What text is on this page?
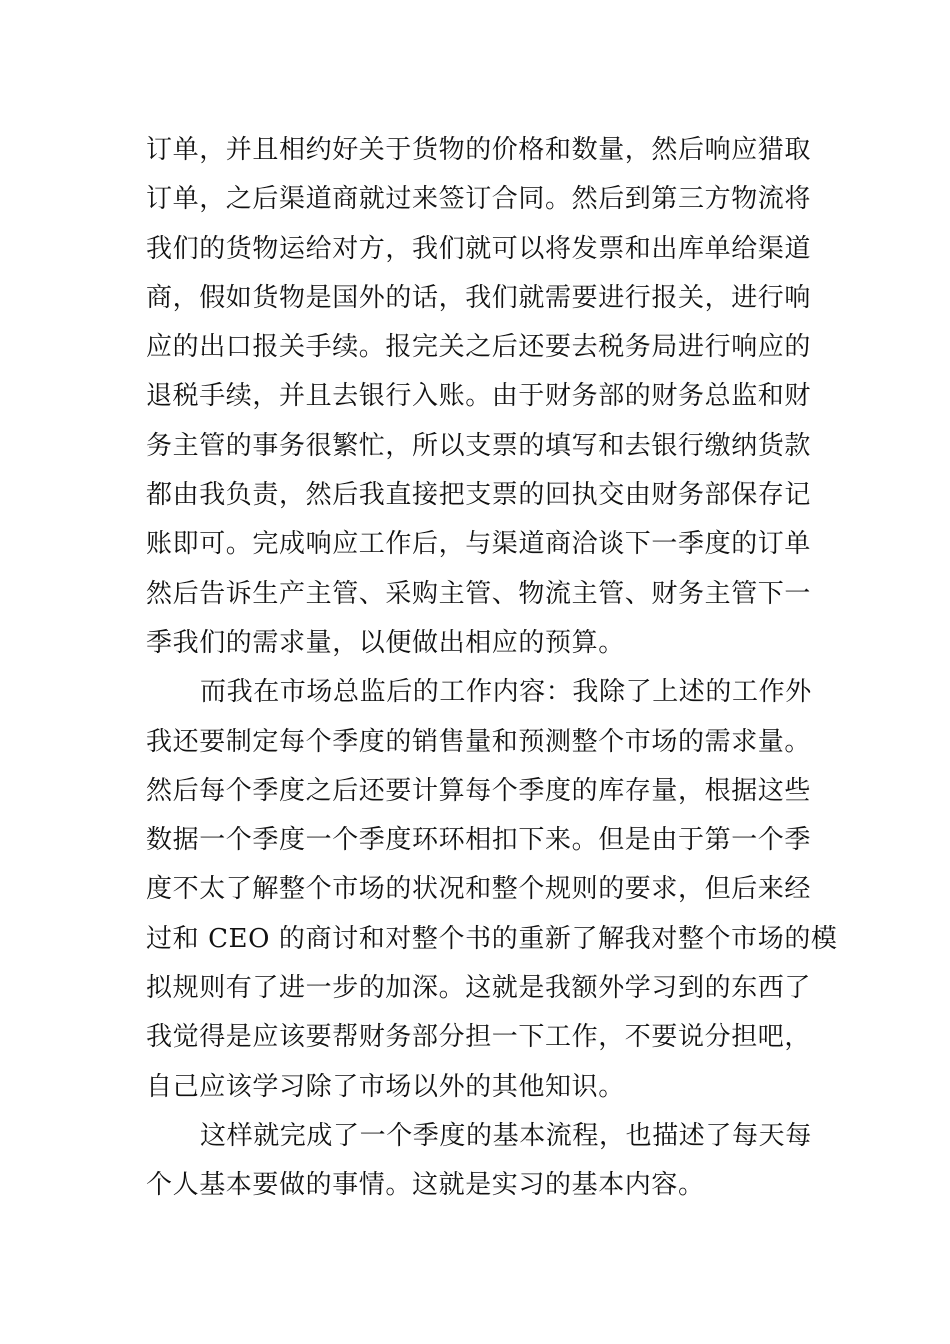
订单，并且相约好关于货物的价格和数量，然后响应猎取
订单，之后渠道商就过来签订合同。然后到第三方物流将
我们的货物运给对方，我们就可以将发票和出库单给渠道
商，假如货物是国外的话，我们就需要进行报关，进行响
应的出口报关手续。报完关之后还要去税务局进行响应的
退税手续，并且去银行入账。由于财务部的财务总监和财
务主管的事务很繁忙，所以支票的填写和去银行缴纳货款
都由我负责，然后我直接把支票的回执交由财务部保存记
账即可。完成响应工作后，与渠道商洽谈下一季度的订单
然后告诉生产主管、采购主管、物流主管、财务主管下一
季我们的需求量，以便做出相应的预算。
而我在市场总监后的工作内容：我除了上述的工作外
我还要制定每个季度的销售量和预测整个市场的需求量。
然后每个季度之后还要计算每个季度的库存量，根据这些
数据一个季度一个季度环环相扣下来。但是由于第一个季
度不太了解整个市场的状况和整个规则的要求，但后来经
过和 CEO 的商讨和对整个书的重新了解我对整个市场的模
拟规则有了进一步的加深。这就是我额外学习到的东西了
我觉得是应该要帮财务部分担一下工作，不要说分担吧，
自己应该学习除了市场以外的其他知识。
这样就完成了一个季度的基本流程，也描述了每天每
个人基本要做的事情。这就是实习的基本内容。
